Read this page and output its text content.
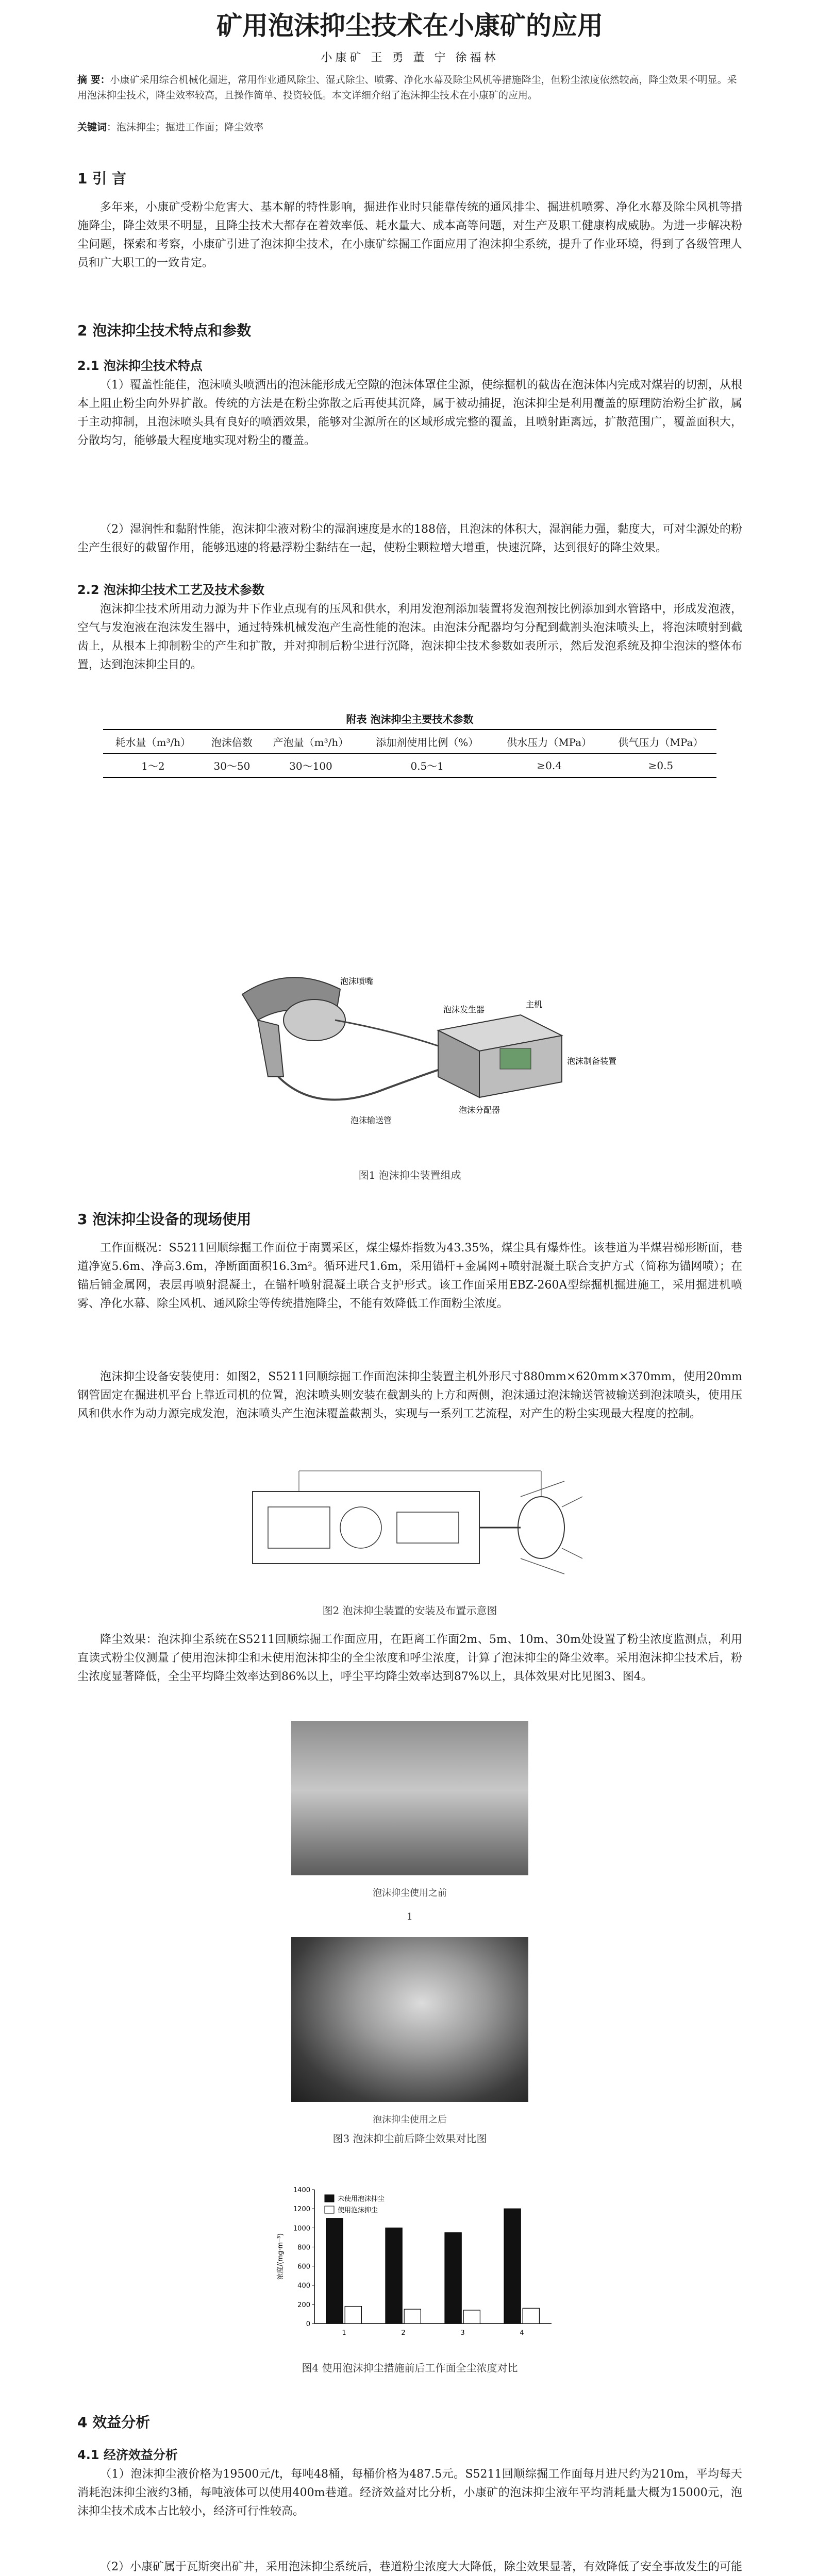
矿用泡沫抑尘技术在小康矿的应用
小康矿 王 勇 董 宁 徐福林
摘 要：小康矿采用综合机械化掘进，常用作业通风除尘、湿式除尘、喷雾、净化水幕及除尘风机等措施降尘，但粉尘浓度依然较高，降尘效果不明显。采用泡沫抑尘技术，降尘效率较高，且操作简单、投资较低。本文详细介绍了泡沫抑尘技术在小康矿的应用。
关键词：泡沫抑尘；掘进工作面；降尘效率
1 引 言
多年来，小康矿受粉尘危害大、基本解的特性影响，掘进作业时只能靠传统的通风排尘、掘进机喷雾、净化水幕及除尘风机等措施降尘，降尘效果不明显，且降尘技术大都存在着效率低、耗水量大、成本高等问题，对生产及职工健康构成威胁。为进一步解决粉尘问题，探索和考察，小康矿引进了泡沫抑尘技术，在小康矿综掘工作面应用了泡沫抑尘系统，提升了作业环境，得到了各级管理人员和广大职工的一致肯定。
2 泡沫抑尘技术特点和参数
2.1 泡沫抑尘技术特点
（1）覆盖性能佳，泡沫喷头喷洒出的泡沫能形成无空隙的泡沫体罩住尘源，使综掘机的截齿在泡沫体内完成对煤岩的切割，从根本上阻止粉尘向外界扩散。传统的方法是在粉尘弥散之后再使其沉降，属于被动捕捉，泡沫抑尘是利用覆盖的原理防治粉尘扩散，属于主动抑制，且泡沫喷头具有良好的喷洒效果，能够对尘源所在的区域形成完整的覆盖，且喷射距离远，扩散范围广，覆盖面积大，分散均匀，能够最大程度地实现对粉尘的覆盖。
（2）湿润性和黏附性能，泡沫抑尘液对粉尘的湿润速度是水的188倍，且泡沫的体积大，湿润能力强，黏度大，可对尘源处的粉尘产生很好的截留作用，能够迅速的将悬浮粉尘黏结在一起，使粉尘颗粒增大增重，快速沉降，达到很好的降尘效果。
2.2 泡沫抑尘技术工艺及技术参数
泡沫抑尘技术所用动力源为井下作业点现有的压风和供水，利用发泡剂添加装置将发泡剂按比例添加到水管路中，形成发泡液，空气与发泡液在泡沫发生器中，通过特殊机械发泡产生高性能的泡沫。由泡沫分配器均匀分配到截割头泡沫喷头上，将泡沫喷射到截齿上，从根本上抑制粉尘的产生和扩散，并对抑制后粉尘进行沉降，泡沫抑尘技术参数如表所示，然后发泡系统及抑尘泡沫的整体布置，达到泡沫抑尘目的。
附表 泡沫抑尘主要技术参数
耗水量（m³/h）	泡沫倍数	产泡量（m³/h）	添加剂使用比例（%）	供水压力（MPa）	供气压力（MPa）
1～2	30～50	30～100	0.5～1	≥0.4	≥0.5
泡沫喷嘴
泡沫发生器
主机
泡沫制备装置
泡沫输送管
泡沫分配器
图1 泡沫抑尘装置组成
3 泡沫抑尘设备的现场使用
工作面概况：S5211回顺综掘工作面位于南翼采区，煤尘爆炸指数为43.35%，煤尘具有爆炸性。该巷道为半煤岩梯形断面，巷道净宽5.6m、净高3.6m，净断面面积16.3m²。循环进尺1.6m，采用锚杆+金属网+喷射混凝土联合支护方式（简称为锚网喷）；在锚后铺金属网，表层再喷射混凝土，在锚杆喷射混凝土联合支护形式。该工作面采用EBZ-260A型综掘机掘进施工，采用掘进机喷雾、净化水幕、除尘风机、通风除尘等传统措施降尘，不能有效降低工作面粉尘浓度。
泡沫抑尘设备安装使用：如图2，S5211回顺综掘工作面泡沫抑尘装置主机外形尺寸880mm×620mm×370mm，使用20mm钢管固定在掘进机平台上靠近司机的位置，泡沫喷头则安装在截割头的上方和两侧，泡沫通过泡沫输送管被输送到泡沫喷头，使用压风和供水作为动力源完成发泡，泡沫喷头产生泡沫覆盖截割头，实现与一系列工艺流程，对产生的粉尘实现最大程度的控制。
图2 泡沫抑尘装置的安装及布置示意图
降尘效果：泡沫抑尘系统在S5211回顺综掘工作面应用，在距离工作面2m、5m、10m、30m处设置了粉尘浓度监测点，利用直读式粉尘仪测量了使用泡沫抑尘和未使用泡沫抑尘的全尘浓度和呼尘浓度，计算了泡沫抑尘的降尘效率。采用泡沫抑尘技术后，粉尘浓度显著降低，全尘平均降尘效率达到86%以上，呼尘平均降尘效率达到87%以上，具体效果对比见图3、图4。
泡沫抑尘使用之前
1
泡沫抑尘使用之后
图3 泡沫抑尘前后降尘效果对比图
0
200
400
600
800
1000
1200
1400
浓度/(mg·m⁻³)
1	2	3	4
未使用泡沫抑尘
使用泡沫抑尘
图4 使用泡沫抑尘措施前后工作面全尘浓度对比
4 效益分析
4.1 经济效益分析
（1）泡沫抑尘液价格为19500元/t，每吨48桶，每桶价格为487.5元。S5211回顺综掘工作面每月进尺约为210m，平均每天消耗泡沫抑尘液约3桶，每吨液体可以使用400m巷道。经济效益对比分析，小康矿的泡沫抑尘液年平均消耗量大概为15000元，泡沫抑尘技术成本占比较小，经济可行性较高。
（2）小康矿属于瓦斯突出矿井，采用泡沫抑尘系统后，巷道粉尘浓度大大降低，除尘效果显著，有效降低了安全事故发生的可能
